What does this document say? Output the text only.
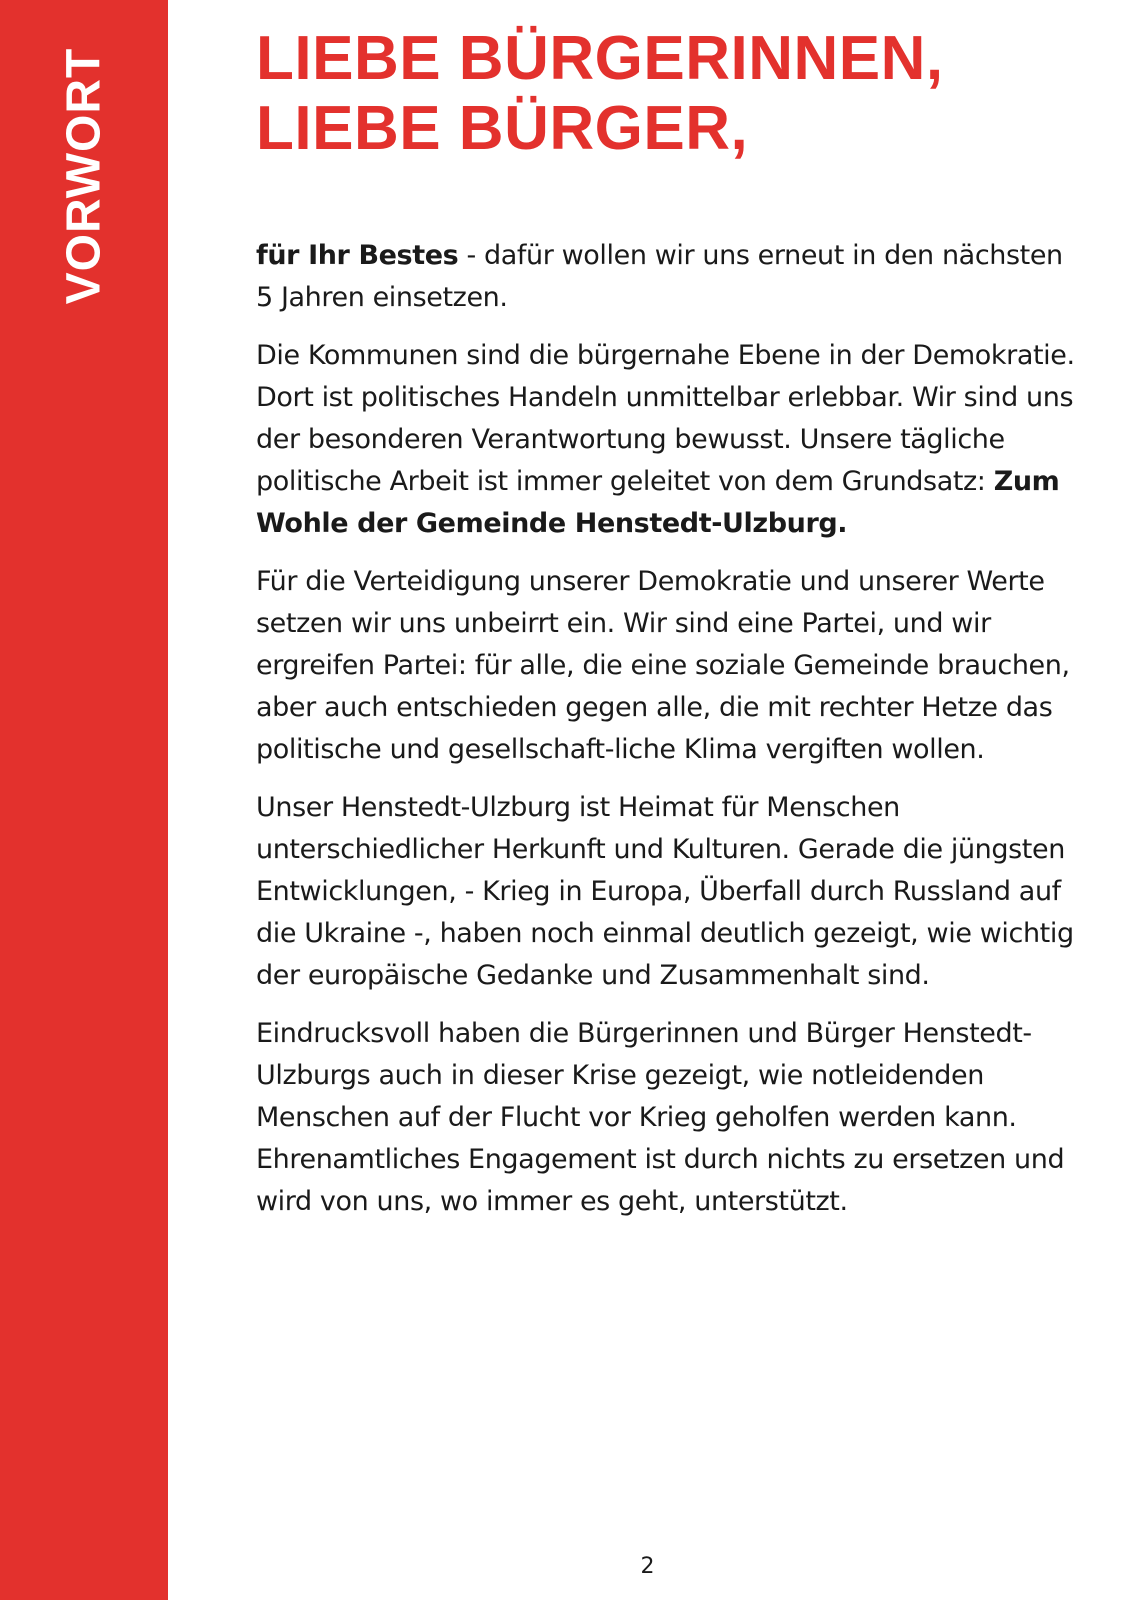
VORWORT LIEBE BÜRGERINNEN,
LIEBE BÜRGER,

für Ihr Bestes - dafür wollen wir uns erneut in den nächsten 5 Jahren einsetzen.

Die Kommunen sind die bürgernahe Ebene in der Demokratie. Dort ist politisches Handeln unmittelbar erlebbar. Wir sind uns der besonderen Verantwortung bewusst. Unsere tägliche politische Arbeit ist immer geleitet von dem Grundsatz: Zum Wohle der Gemeinde Henstedt-Ulzburg.

Für die Verteidigung unserer Demokratie und unserer Werte setzen wir uns unbeirrt ein. Wir sind eine Partei, und wir ergreifen Partei: für alle, die eine soziale Gemeinde brauchen, aber auch entschieden gegen alle, die mit rechter Hetze das politische und gesellschaft-liche Klima vergiften wollen.

Unser Henstedt-Ulzburg ist Heimat für Menschen unterschiedlicher Herkunft und Kulturen. Gerade die jüngsten Entwicklungen, - Krieg in Europa, Überfall durch Russland auf die Ukraine -, haben noch einmal deutlich gezeigt, wie wichtig der europäische Gedanke und Zusammenhalt sind.

Eindrucksvoll haben die Bürgerinnen und Bürger Henstedt-Ulzburgs auch in dieser Krise gezeigt, wie notleidenden Menschen auf der Flucht vor Krieg geholfen werden kann. Ehrenamtliches Engagement ist durch nichts zu ersetzen und wird von uns, wo immer es geht, unterstützt.

2
